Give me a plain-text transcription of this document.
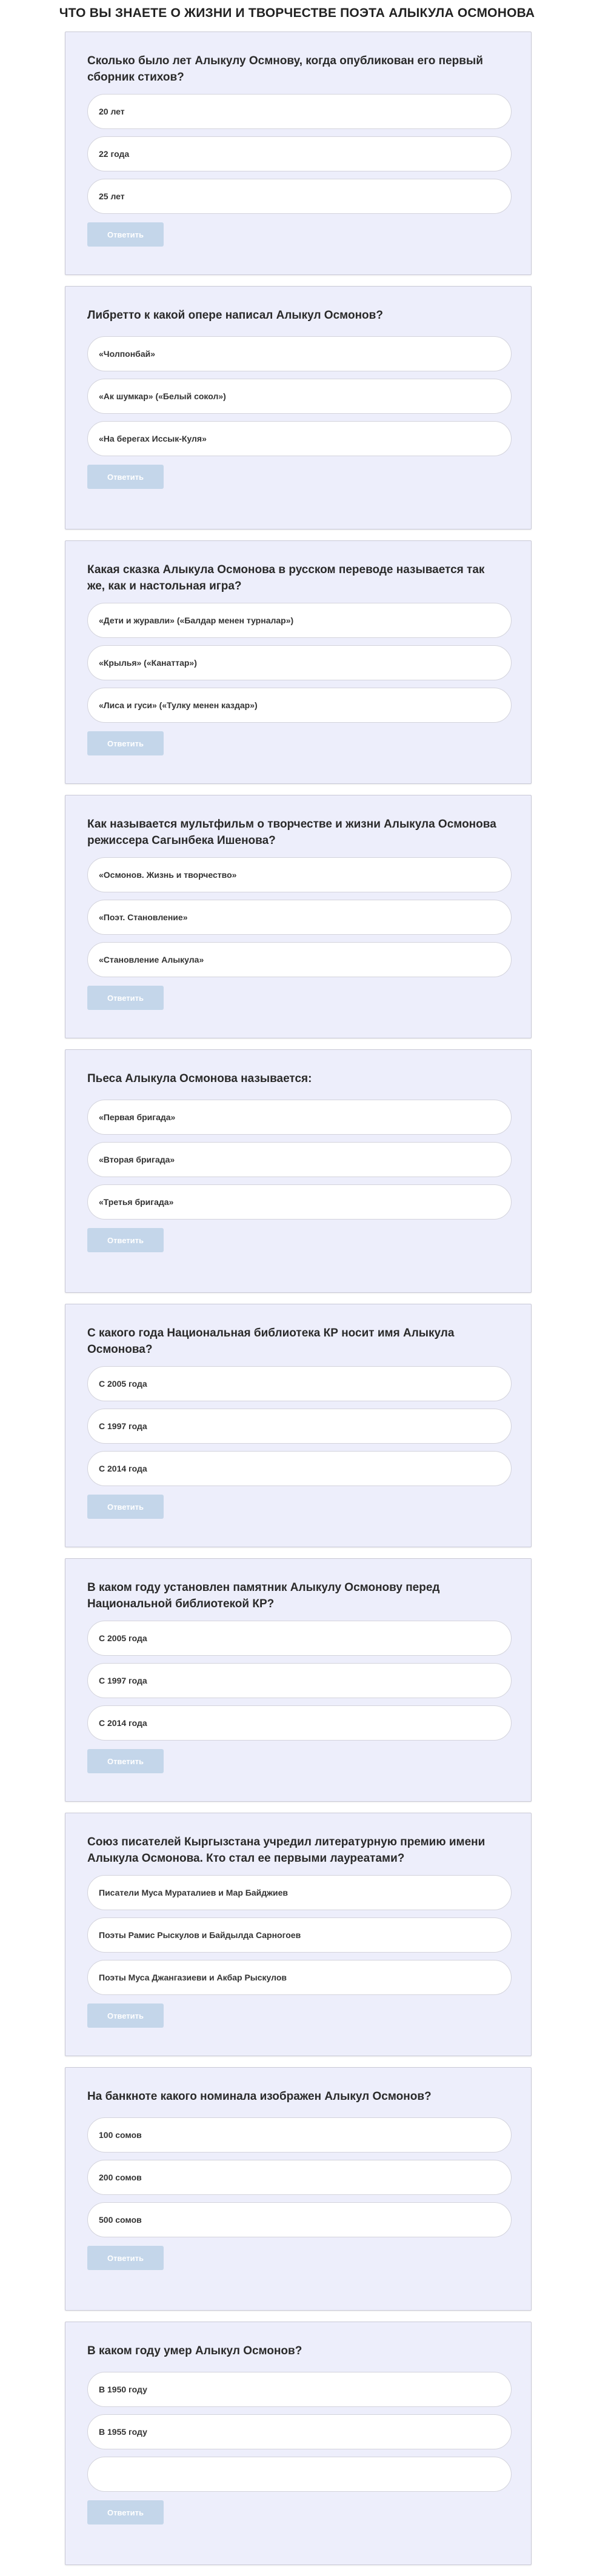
ЧТО ВЫ ЗНАЕТЕ О ЖИЗНИ И ТВОРЧЕСТВЕ ПОЭТА АЛЫКУЛА ОСМОНОВА
Сколько было лет Алыкулу Осмнову, когда опубликован его первый сборник стихов?
20 лет
22 года
25 лет
Ответить
Либретто к какой опере написал Алыкул Осмонов?
«Чолпонбай»
«Ак шумкар» («Белый сокол»)
«На берегах Иссык-Куля»
Ответить
Какая сказка Алыкула Осмонова в русском переводе называется так же, как и настольная игра?
«Дети и журавли» («Балдар менен турналар»)
«Крылья» («Канаттар»)
«Лиса и гуси» («Тулку менен каздар»)
Ответить
Как называется мультфильм о творчестве и жизни Алыкула Осмонова режиссера Сагынбека Ишенова?
«Осмонов. Жизнь и творчество»
«Поэт. Становление»
«Становление Алыкула»
Ответить
Пьеса Алыкула Осмонова называется:
«Первая бригада»
«Вторая бригада»
«Третья бригада»
Ответить
С какого года Национальная библиотека КР носит имя Алыкула Осмонова?
С 2005 года
С 1997 года
С 2014 года
Ответить
В каком году установлен памятник Алыкулу Осмонову перед Национальной библиотекой КР?
С 2005 года
С 1997 года
С 2014 года
Ответить
Союз писателей Кыргызстана учредил литературную премию имени Алыкула Осмонова. Кто стал ее первыми лауреатами?
Писатели Муса Мураталиев и Мар Байджиев
Поэты Рамис Рыскулов и Байдылда Сарногоев
Поэты Муса Джангазиеви и Акбар Рыскулов
Ответить
На банкноте какого номинала изображен Алыкул Осмонов?
100 сомов
200 сомов
500 сомов
Ответить
В каком году умер Алыкул Осмонов?
В 1950 году
В 1955 году
Ответить
